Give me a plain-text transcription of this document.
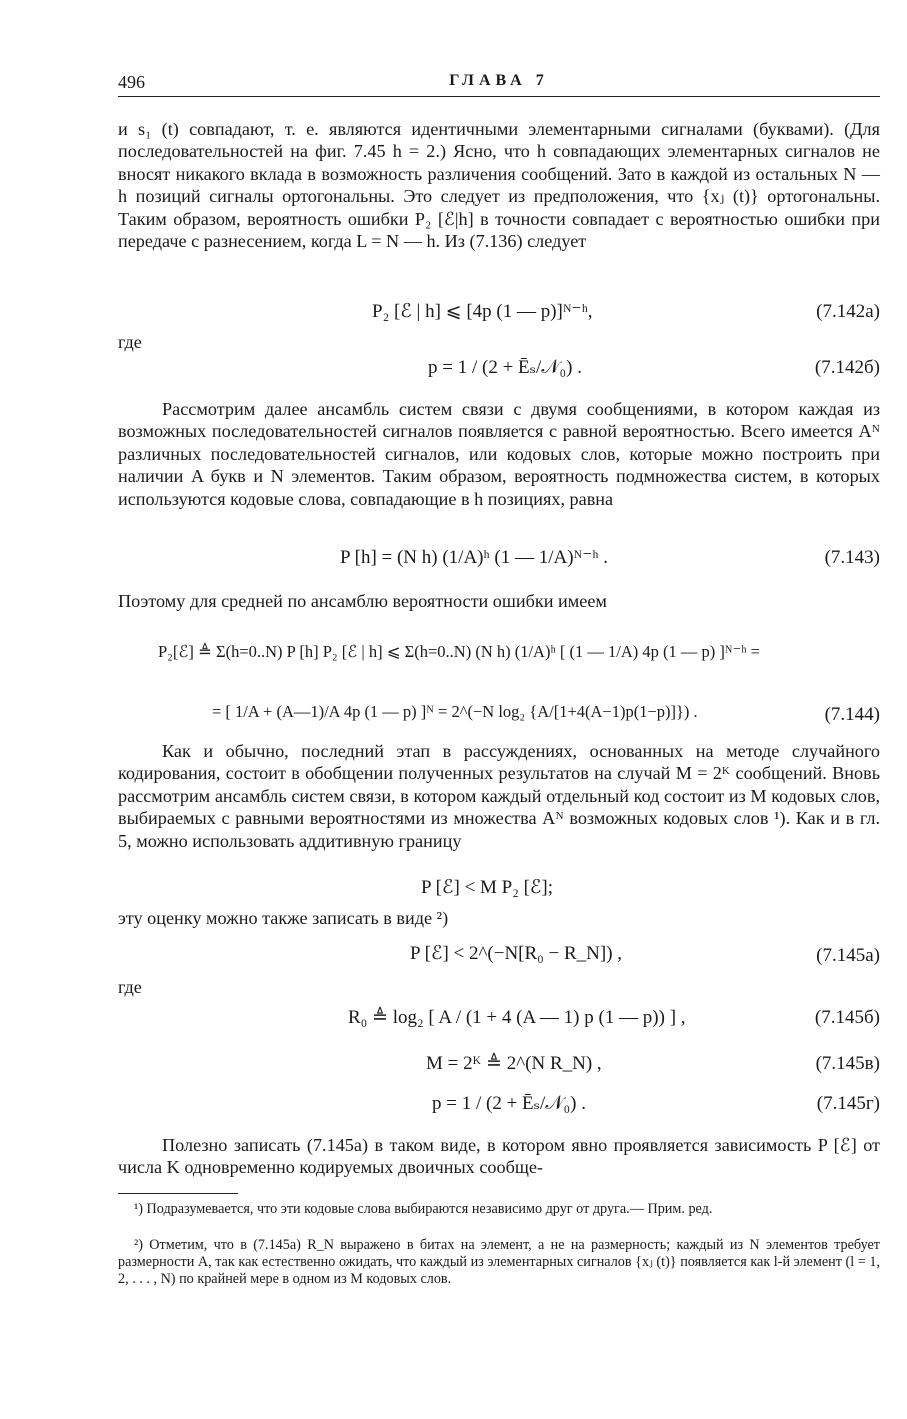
496	ГЛАВА 7

и s₁ (t) совпадают, т. е. являются идентичными элементарными сигналами (буквами). (Для последовательностей на фиг. 7.45 h = 2.) Ясно, что h совпадающих элементарных сигналов не вносят никакого вклада в возможность различения сообщений. Зато в каждой из остальных N — h позиций сигналы ортогональны. Это следует из предположения, что {xⱼ (t)} ортогональны. Таким образом, вероятность ошибки P₂ [ℰ|h] в точности совпадает с вероятностью ошибки при передаче с разнесением, когда L = N — h. Из (7.136) следует

P₂ [ℰ | h] ⩽ [4p (1 — p)]ᴺ⁻ʰ,	(7.142а)
где
p = 1 / (2 + Ēₛ/𝒩₀) .	(7.142б)

Рассмотрим далее ансамбль систем связи с двумя сообщениями, в котором каждая из возможных последовательностей сигналов появляется с равной вероятностью. Всего имеется Aᴺ различных последовательностей сигналов, или кодовых слов, которые можно построить при наличии A букв и N элементов. Таким образом, вероятность подмножества систем, в которых используются кодовые слова, совпадающие в h позициях, равна

P [h] = (N h) (1/A)ʰ (1 — 1/A)ᴺ⁻ʰ .	(7.143)

Поэтому для средней по ансамблю вероятности ошибки имеем

P₂[ℰ] ≜ Σ(h=0..N) P [h] P₂ [ℰ | h] ⩽ Σ(h=0..N) (N h) (1/A)ʰ [ (1 — 1/A) 4p (1 — p) ]ᴺ⁻ʰ =
= [ 1/A + (A—1)/A 4p (1 — p) ]ᴺ = 2^(−N log₂ {A/[1+4(A−1)p(1−p)]}) .	(7.144)

Как и обычно, последний этап в рассуждениях, основанных на методе случайного кодирования, состоит в обобщении полученных результатов на случай M = 2ᴷ сообщений. Вновь рассмотрим ансамбль систем связи, в котором каждый отдельный код состоит из M кодовых слов, выбираемых с равными вероятностями из множества Aᴺ возможных кодовых слов ¹). Как и в гл. 5, можно использовать аддитивную границу

P [ℰ] < M P₂ [ℰ];
эту оценку можно также записать в виде ²)
P [ℰ] < 2^(−N[R₀ − R_N]) ,	(7.145а)
где
R₀ ≜ log₂ [ A / (1 + 4 (A — 1) p (1 — p)) ] ,	(7.145б)
M = 2ᴷ ≜ 2^(N R_N) ,	(7.145в)
p = 1 / (2 + Ēₛ/𝒩₀) .	(7.145г)

Полезно записать (7.145а) в таком виде, в котором явно проявляется зависимость P [ℰ] от числа K одновременно кодируемых двоичных сообще-

¹) Подразумевается, что эти кодовые слова выбираются независимо друг от друга.— Прим. ред.

²) Отметим, что в (7.145а) R_N выражено в битах на элемент, а не на размерность; каждый из N элементов требует размерности A, так как естественно ожидать, что каждый из элементарных сигналов {xⱼ (t)} появляется как l-й элемент (l = 1, 2, . . . , N) по крайней мере в одном из M кодовых слов.
